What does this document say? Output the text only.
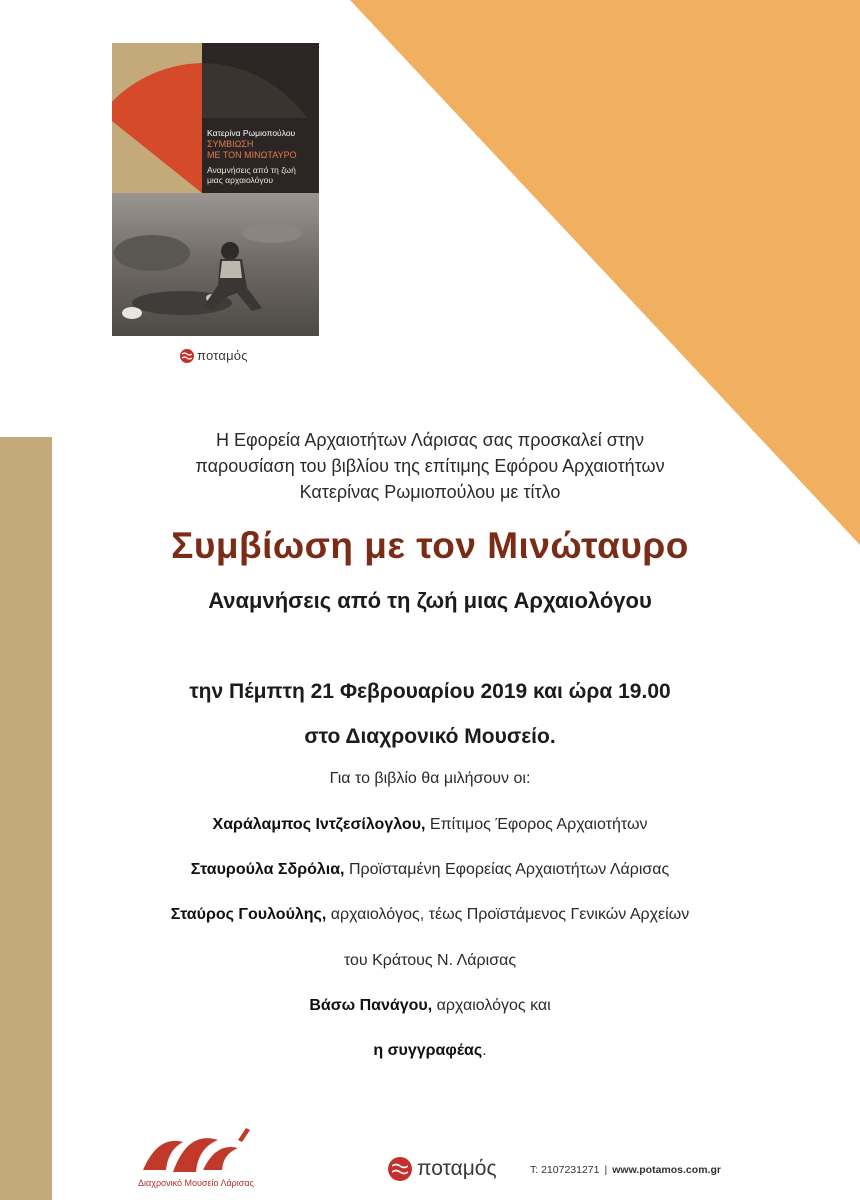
Κατερίνα Ρωμιοπούλου
ΣΥΜΒΙΩΣΗ
ΜΕ ΤΟΝ ΜΙΝΩΤΑΥΡΟ
Αναμνήσεις από τη ζωή
μιας αρχαιολόγου
ποταμός
Η Εφορεία Αρχαιοτήτων Λάρισας σας προσκαλεί στην
παρουσίαση του βιβλίου της επίτιμης Εφόρου Αρχαιοτήτων
Κατερίνας Ρωμιοπούλου με τίτλο
Συμβίωση με τον Μινώταυρο
Αναμνήσεις από τη ζωή μιας Αρχαιολόγου
την Πέμπτη 21 Φεβρουαρίου 2019 και ώρα 19.00
στο Διαχρονικό Μουσείο.
Για το βιβλίο θα μιλήσουν οι:
Χαράλαμπος Ιντζεσίλογλου, Επίτιμος Έφορος Αρχαιοτήτων
Σταυρούλα Σδρόλια, Προϊσταμένη Εφορείας Αρχαιοτήτων Λάρισας
Σταύρος Γουλούλης, αρχαιολόγος, τέως Προϊστάμενος Γενικών Αρχείων
του Κράτους Ν. Λάρισας
Βάσω Πανάγου, αρχαιολόγος και
η συγγραφέας.
Διαχρονικό Μουσείο Λάρισας
ποταμός	Τ: 2107231271 | www.potamos.com.gr
